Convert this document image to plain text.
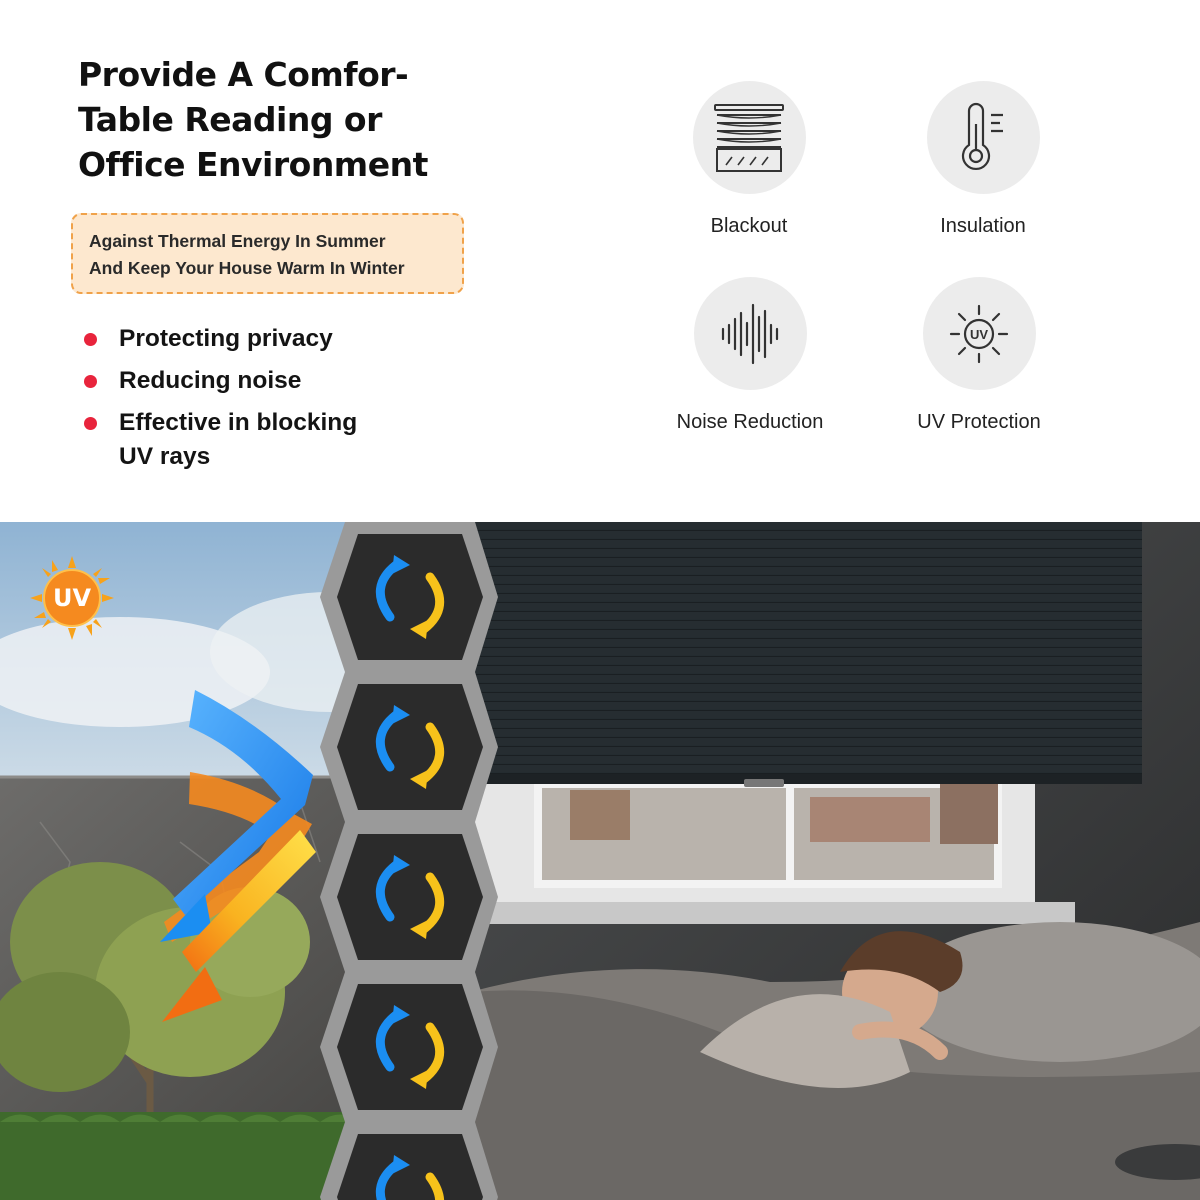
Provide A Comfor-
Table Reading or
Office Environment
Against Thermal Energy In Summer
And Keep Your House Warm In Winter
Protecting privacy
Reducing noise
Effective in blocking
UV rays
Blackout	Insulation
Noise Reduction
UV
UV Protection
UV
